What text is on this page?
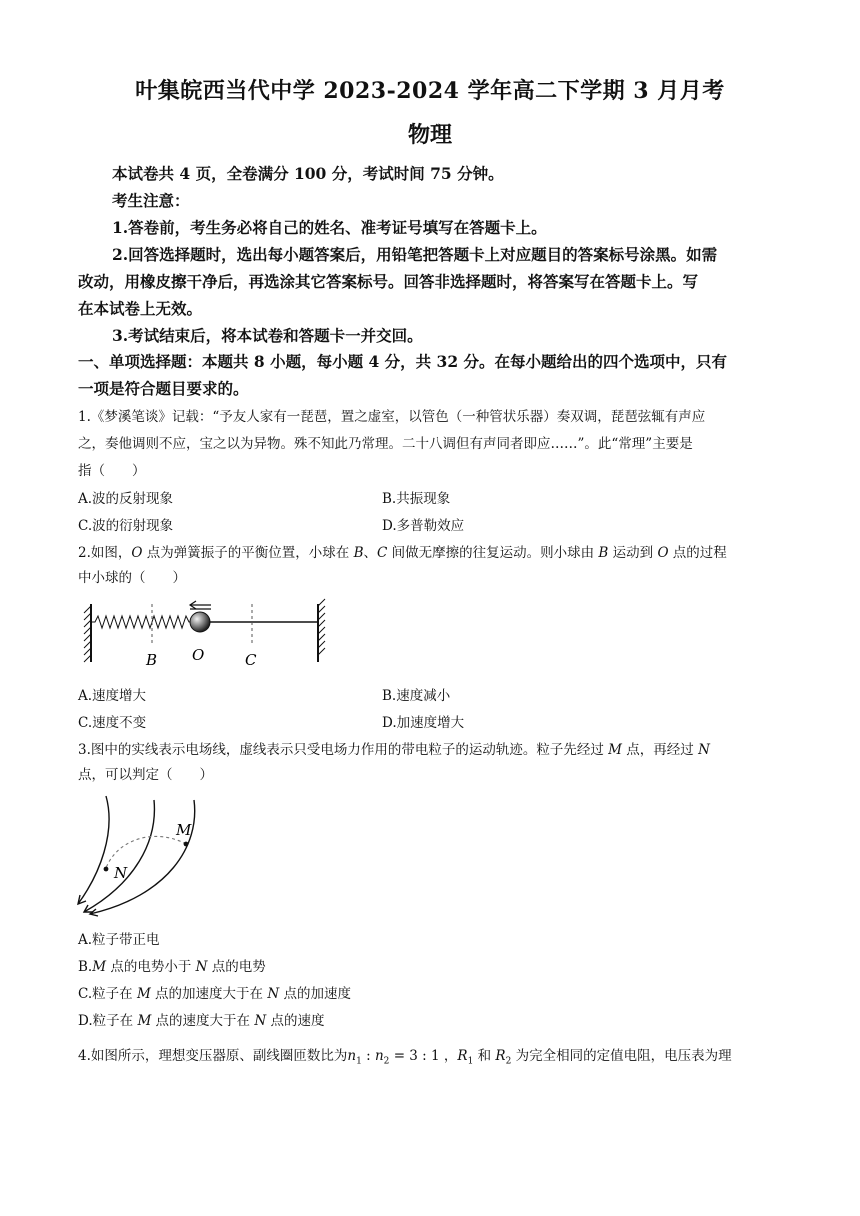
叶集皖西当代中学 2023-2024 学年高二下学期 3 月月考
物理
本试卷共 4 页，全卷满分 100 分，考试时间 75 分钟。
考生注意：
1.答卷前，考生务必将自己的姓名、准考证号填写在答题卡上。
2.回答选择题时，选出每小题答案后，用铅笔把答题卡上对应题目的答案标号涂黑。如需
改动，用橡皮擦干净后，再选涂其它答案标号。回答非选择题时，将答案写在答题卡上。写
在本试卷上无效。
3.考试结束后，将本试卷和答题卡一并交回。
一、单项选择题：本题共 8 小题，每小题 4 分，共 32 分。在每小题给出的四个选项中，只有
一项是符合题目要求的。
1.《梦溪笔谈》记载：“予友人家有一琵琶，置之虚室，以管色（一种管状乐器）奏双调，琵琶弦辄有声应
之，奏他调则不应，宝之以为异物。殊不知此乃常理。二十八调但有声同者即应……”。此“常理”主要是
指（　　）
A.波的反射现象	B.共振现象
C.波的衍射现象	D.多普勒效应
2.如图，O 点为弹簧振子的平衡位置，小球在 B、C 间做无摩擦的往复运动。则小球由 B 运动到 O 点的过程
中小球的（　　）
B O	C
A.速度增大	B.速度减小
C.速度不变	D.加速度增大
3.图中的实线表示电场线，虚线表示只受电场力作用的带电粒子的运动轨迹。粒子先经过 M 点，再经过 N
点，可以判定（　　）
M
N
A.粒子带正电
B.M 点的电势小于 N 点的电势
C.粒子在 M 点的加速度大于在 N 点的加速度
D.粒子在 M 点的速度大于在 N 点的速度
4.如图所示，理想变压器原、副线圈匝数比为$n_1$ : $n_2 = 3$ : 1 ，$R_1$ 和 $R_2$ 为完全相同的定值电阻，电压表为理
